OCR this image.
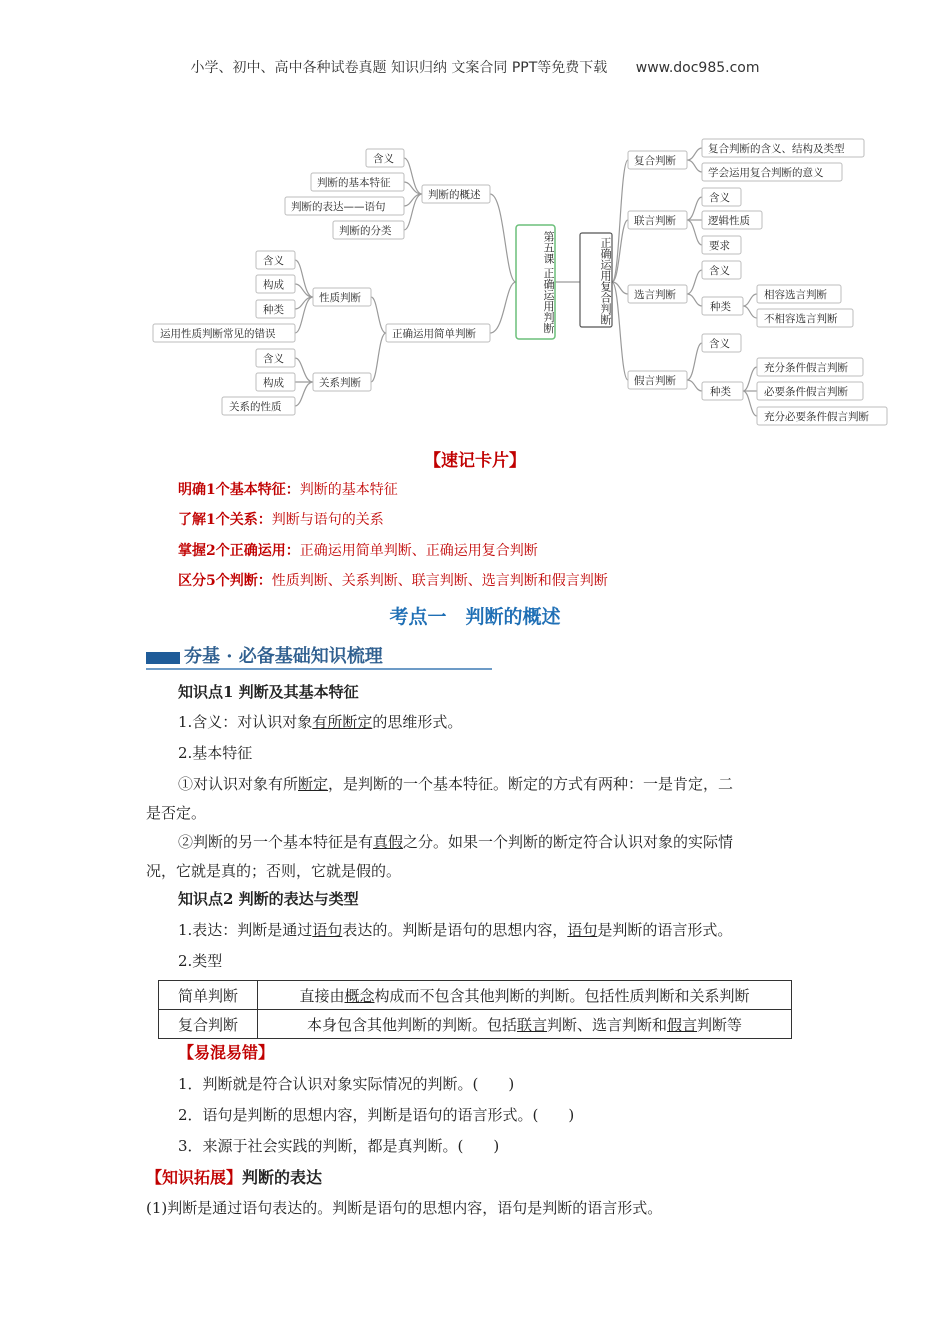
小学、初中、高中各种试卷真题 知识归纳 文案合同 PPT等免费下载 www.doc985.com
第五课 正确运用判断	正确运用复合判断
判断的概述
含义
判断的基本特征
判断的表达——语句
判断的分类
正确运用简单判断
性质判断
含义
构成
种类
运用性质判断常见的错误
关系判断
含义
构成
关系的性质
复合判断
复合判断的含义、结构及类型
学会运用复合判断的意义
联言判断
含义
逻辑性质
要求
选言判断
含义
种类
相容选言判断
不相容选言判断
假言判断
含义
种类
充分条件假言判断
必要条件假言判断
充分必要条件假言判断
【速记卡片】
明确1个基本特征：判断的基本特征
了解1个关系：判断与语句的关系
掌握2个正确运用：正确运用简单判断、正确运用复合判断
区分5个判断：性质判断、关系判断、联言判断、选言判断和假言判断
考点一　判断的概述
夯基 · 必备基础知识梳理
知识点1 判断及其基本特征
1.含义：对认识对象有所断定的思维形式。
2.基本特征
①对认识对象有所断定，是判断的一个基本特征。断定的方式有两种：一是肯定，二
是否定。
②判断的另一个基本特征是有真假之分。如果一个判断的断定符合认识对象的实际情
况，它就是真的；否则，它就是假的。
知识点2 判断的表达与类型
1.表达：判断是通过语句表达的。判断是语句的思想内容，语句是判断的语言形式。
2.类型
简单判断	直接由概念构成而不包含其他判断的判断。包括性质判断和关系判断
复合判断	本身包含其他判断的判断。包括联言判断、选言判断和假言判断等
【易混易错】
1．判断就是符合认识对象实际情况的判断。(　　)
2．语句是判断的思想内容，判断是语句的语言形式。(　　)
3．来源于社会实践的判断，都是真判断。(　　)
【知识拓展】判断的表达
(1)判断是通过语句表达的。判断是语句的思想内容，语句是判断的语言形式。
